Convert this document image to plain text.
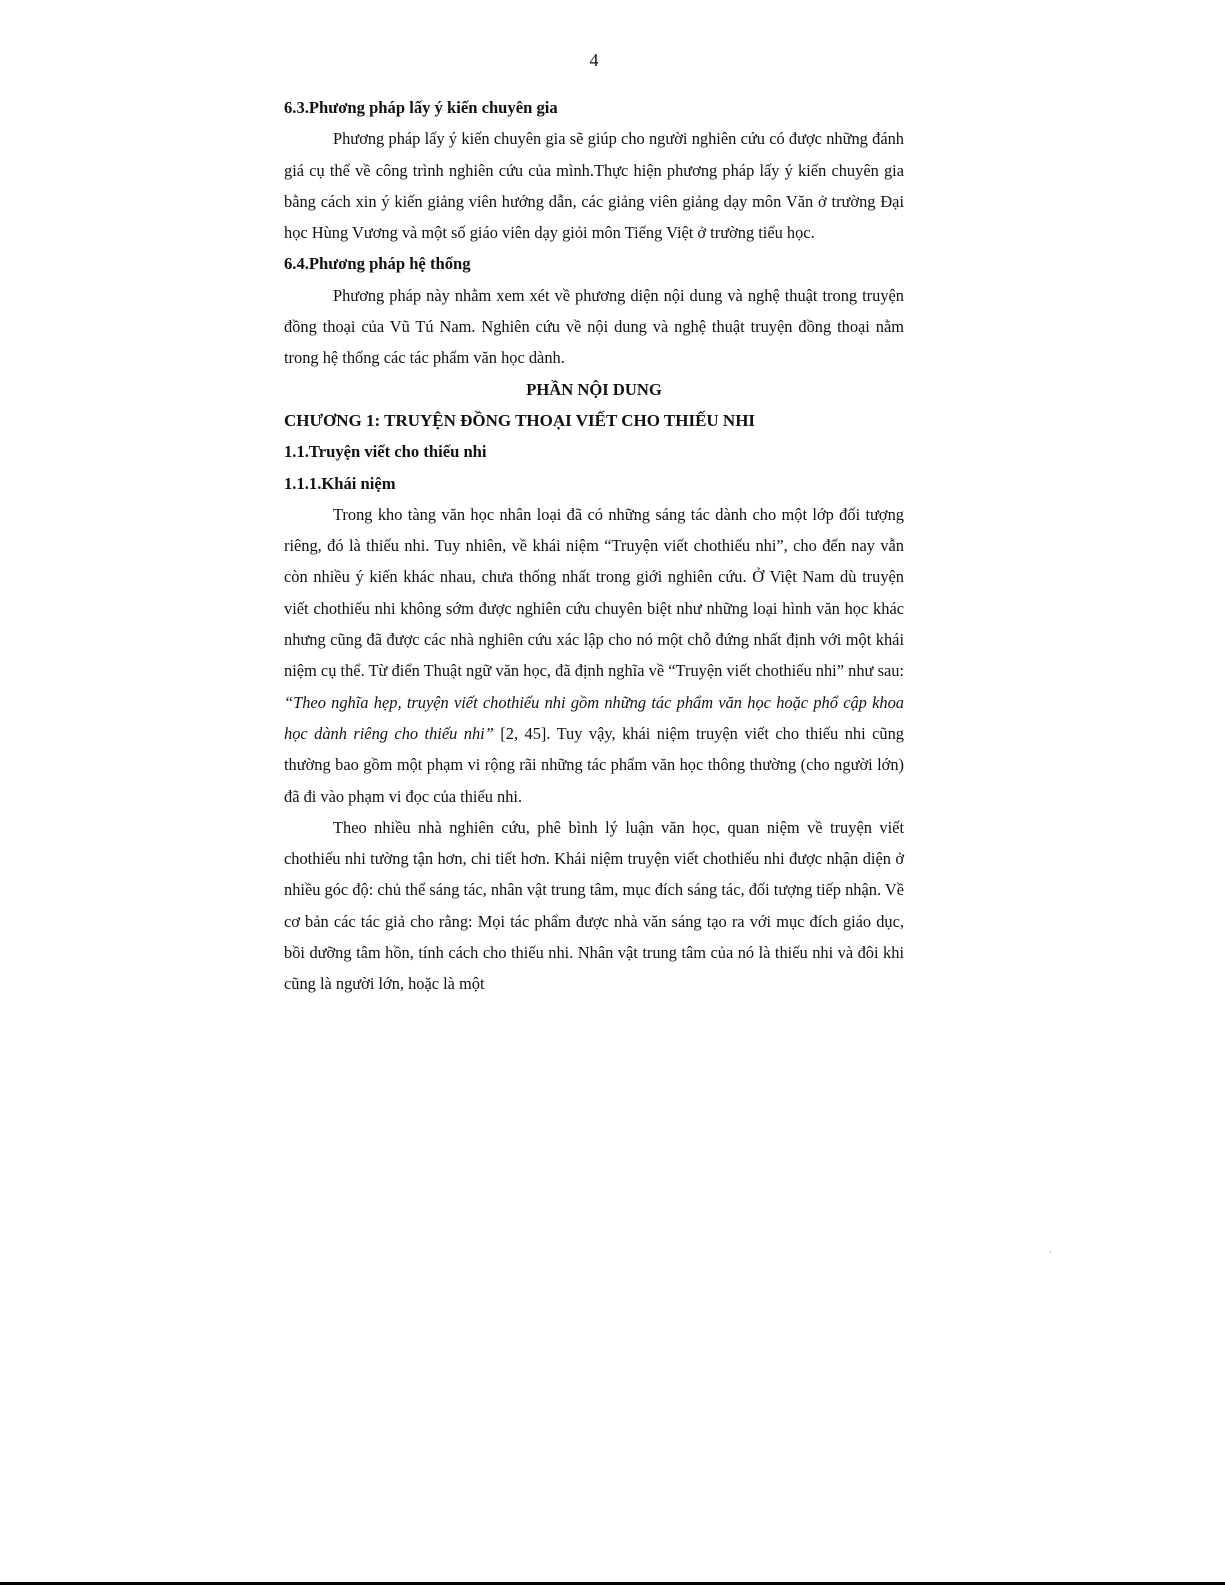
4

6.3.Phương pháp lấy ý kiến chuyên gia

Phương pháp lấy ý kiến chuyên gia sẽ giúp cho người nghiên cứu có được những đánh giá cụ thể về công trình nghiên cứu của mình.Thực hiện phương pháp lấy ý kiến chuyên gia bằng cách xin ý kiến giảng viên hướng dẫn, các giảng viên giảng dạy môn Văn ở trường Đại học Hùng Vương và một số giáo viên dạy giỏi môn Tiếng Việt ở trường tiểu học.

6.4.Phương pháp hệ thống

Phương pháp này nhằm xem xét về phương diện nội dung và nghệ thuật trong truyện đồng thoại của Vũ Tú Nam. Nghiên cứu về nội dung và nghệ thuật truyện đồng thoại nằm trong hệ thống các tác phẩm văn học dành.

PHẦN NỘI DUNG

CHƯƠNG 1: TRUYỆN ĐỒNG THOẠI VIẾT CHO THIẾU NHI

1.1.Truyện viết cho thiếu nhi

1.1.1.Khái niệm

Trong kho tàng văn học nhân loại đã có những sáng tác dành cho một lớp đối tượng riêng, đó là thiếu nhi. Tuy nhiên, về khái niệm “Truyện viết chothiếu nhi”, cho đến nay vẫn còn nhiều ý kiến khác nhau, chưa thống nhất trong giới nghiên cứu. Ở Việt Nam dù truyện viết chothiếu nhi không sớm được nghiên cứu chuyên biệt như những loại hình văn học khác nhưng cũng đã được các nhà nghiên cứu xác lập cho nó một chỗ đứng nhất định với một khái niệm cụ thể. Từ điển Thuật ngữ văn học, đã định nghĩa về “Truyện viết chothiếu nhi” như sau: “Theo nghĩa hẹp, truyện viết chothiếu nhi gồm những tác phẩm văn học hoặc phổ cập khoa học dành riêng cho thiếu nhi” [2, 45]. Tuy vậy, khái niệm truyện viết cho thiếu nhi cũng thường bao gồm một phạm vi rộng rãi những tác phẩm văn học thông thường (cho người lớn) đã đi vào phạm vi đọc của thiếu nhi.

Theo nhiều nhà nghiên cứu, phê bình lý luận văn học, quan niệm về truyện viết chothiếu nhi tường tận hơn, chi tiết hơn. Khái niệm truyện viết chothiếu nhi được nhận diện ở nhiều góc độ: chủ thể sáng tác, nhân vật trung tâm, mục đích sáng tác, đối tượng tiếp nhận. Về cơ bản các tác giả cho rằng: Mọi tác phẩm được nhà văn sáng tạo ra với mục đích giáo dục, bồi dưỡng tâm hồn, tính cách cho thiếu nhi. Nhân vật trung tâm của nó là thiếu nhi và đôi khi cũng là người lớn, hoặc là một
